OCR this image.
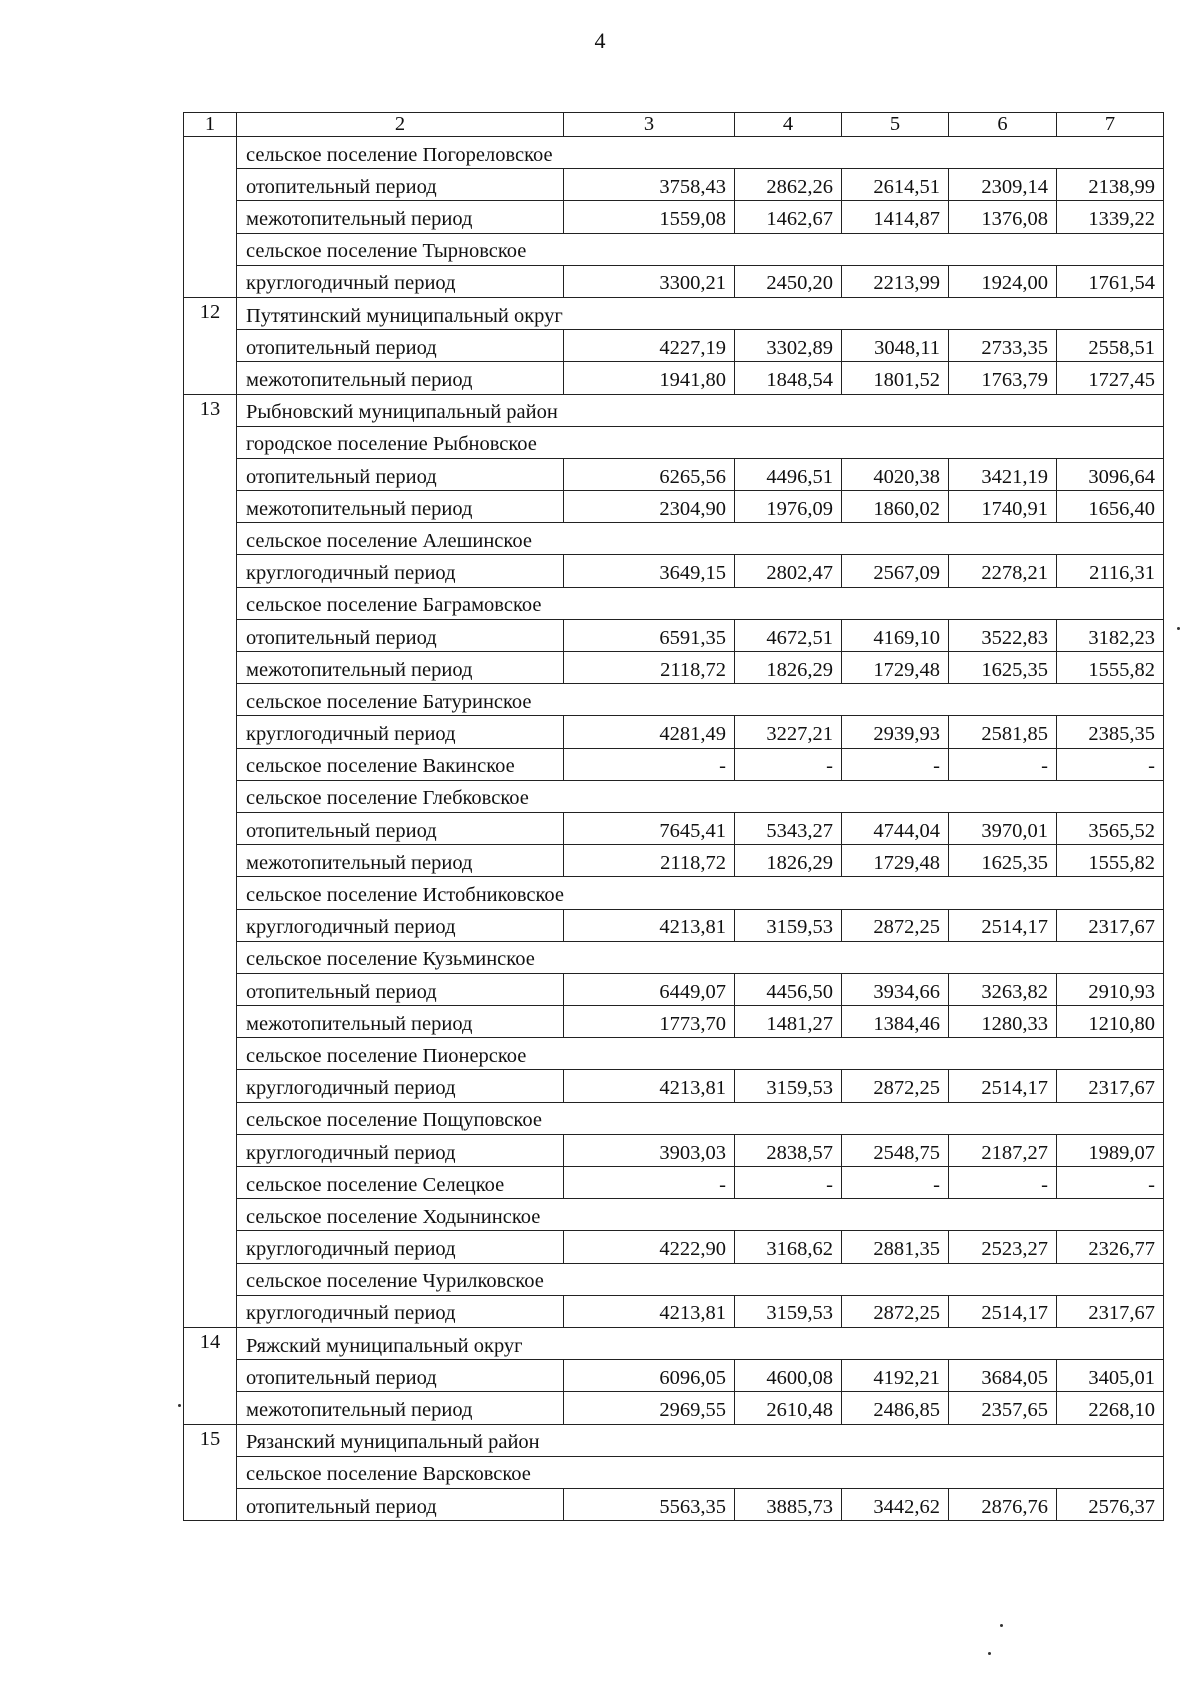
4
1	2	3	4	5	6	7
	сельское поселение Погореловское					
	отопительный период	3758,43	2862,26	2614,51	2309,14	2138,99
	межотопительный период	1559,08	1462,67	1414,87	1376,08	1339,22
	сельское поселение Тырновское					
	круглогодичный период	3300,21	2450,20	2213,99	1924,00	1761,54
12	Путятинский муниципальный округ					
	отопительный период	4227,19	3302,89	3048,11	2733,35	2558,51
	межотопительный период	1941,80	1848,54	1801,52	1763,79	1727,45
13	Рыбновский муниципальный район					
	городское поселение Рыбновское					
	отопительный период	6265,56	4496,51	4020,38	3421,19	3096,64
	межотопительный период	2304,90	1976,09	1860,02	1740,91	1656,40
	сельское поселение Алешинское					
	круглогодичный период	3649,15	2802,47	2567,09	2278,21	2116,31
	сельское поселение Баграмовское					
	отопительный период	6591,35	4672,51	4169,10	3522,83	3182,23
	межотопительный период	2118,72	1826,29	1729,48	1625,35	1555,82
	сельское поселение Батуринское					
	круглогодичный период	4281,49	3227,21	2939,93	2581,85	2385,35
	сельское поселение Вакинское	-	-	-	-	-
	сельское поселение Глебковское					
	отопительный период	7645,41	5343,27	4744,04	3970,01	3565,52
	межотопительный период	2118,72	1826,29	1729,48	1625,35	1555,82
	сельское поселение Истобниковское					
	круглогодичный период	4213,81	3159,53	2872,25	2514,17	2317,67
	сельское поселение Кузьминское					
	отопительный период	6449,07	4456,50	3934,66	3263,82	2910,93
	межотопительный период	1773,70	1481,27	1384,46	1280,33	1210,80
	сельское поселение Пионерское					
	круглогодичный период	4213,81	3159,53	2872,25	2514,17	2317,67
	сельское поселение Пощуповское					
	круглогодичный период	3903,03	2838,57	2548,75	2187,27	1989,07
	сельское поселение Селецкое	-	-	-	-	-
	сельское поселение Ходынинское					
	круглогодичный период	4222,90	3168,62	2881,35	2523,27	2326,77
	сельское поселение Чурилковское					
	круглогодичный период	4213,81	3159,53	2872,25	2514,17	2317,67
14	Ряжский муниципальный округ					
	отопительный период	6096,05	4600,08	4192,21	3684,05	3405,01
	межотопительный период	2969,55	2610,48	2486,85	2357,65	2268,10
15	Рязанский муниципальный район					
	сельское поселение Варсковское					
	отопительный период	5563,35	3885,73	3442,62	2876,76	2576,37
